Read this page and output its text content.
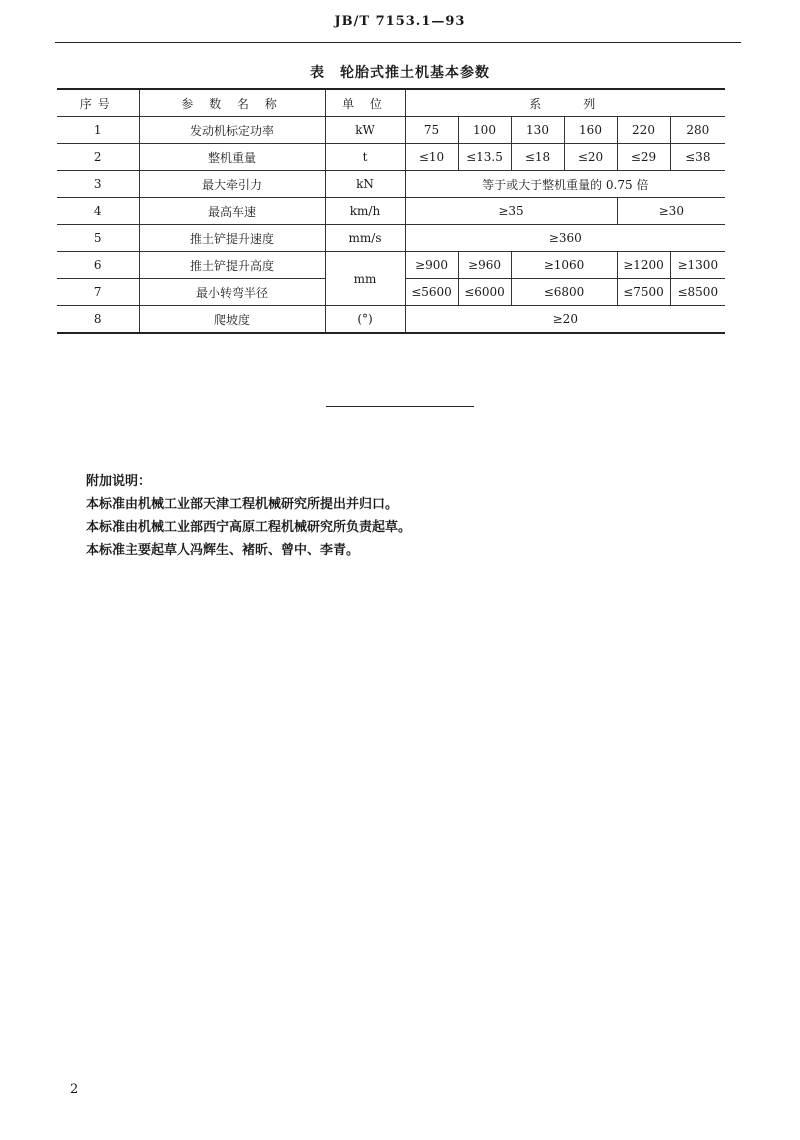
JB/T 7153.1—93
表　轮胎式推土机基本参数
序号	参 数 名 称	单 位	系　　列					
1	发动机标定功率	kW	75	100	130	160	220	280
2	整机重量	t	≤10	≤13.5	≤18	≤20	≤29	≤38
3	最大牵引力	kN	等于或大于整机重量的 0.75 倍					
4	最高车速	km/h	≥35				≥30	
5	推土铲提升速度	mm/s	≥360					
6	推土铲提升高度	mm	≥900	≥960	≥1060		≥1200	≥1300
7	最小转弯半径		≤5600	≤6000	≤6800		≤7500	≤8500
8	爬坡度	(°)	≥20					

附加说明：

本标准由机械工业部天津工程机械研究所提出并归口。

本标准由机械工业部西宁高原工程机械研究所负责起草。

本标准主要起草人冯辉生、褚昕、曾中、李青。

2
